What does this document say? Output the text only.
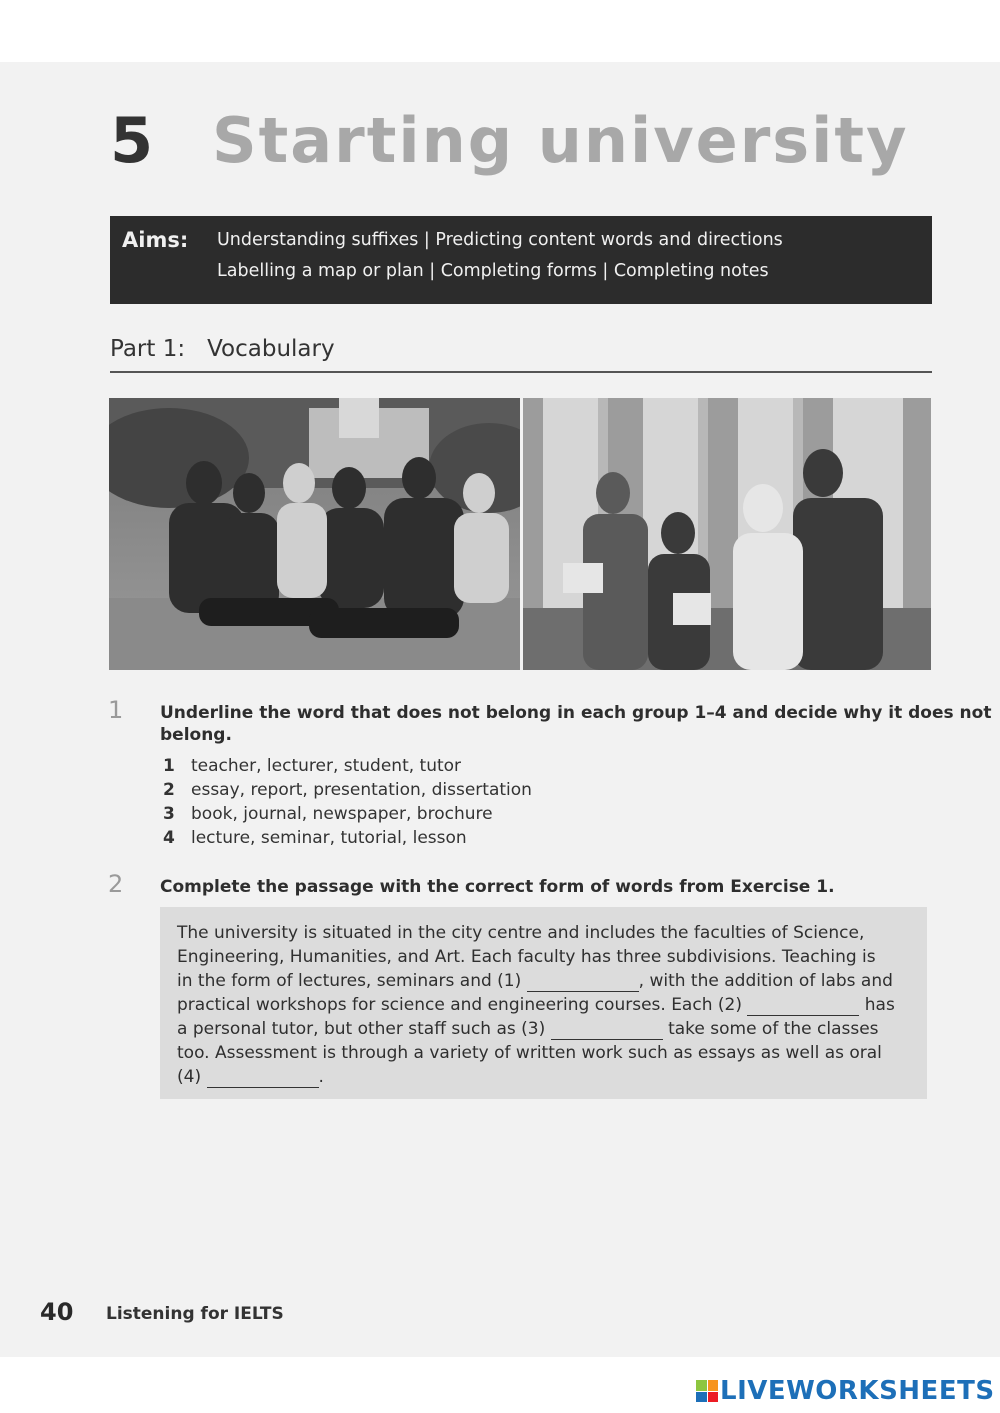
5 Starting university
Aims: Understanding suffixes | Predicting content words and directions
Labelling a map or plan | Completing forms | Completing notes
Part 1: Vocabulary
1 Underline the word that does not belong in each group 1–4 and decide why it does not
belong.
1 teacher, lecturer, student, tutor
2 essay, report, presentation, dissertation
3 book, journal, newspaper, brochure
4 lecture, seminar, tutorial, lesson
2 Complete the passage with the correct form of words from Exercise 1.
The university is situated in the city centre and includes the faculties of Science,
Engineering, Humanities, and Art. Each faculty has three subdivisions. Teaching is
in the form of lectures, seminars and (1)	, with the addition of labs and
practical workshops for science and engineering courses. Each (2)	has
a personal tutor, but other staff such as (3)	take some of the classes
too. Assessment is through a variety of written work such as essays as well as oral
(4)	.
40 Listening for IELTS
LIVEWORKSHEETS
